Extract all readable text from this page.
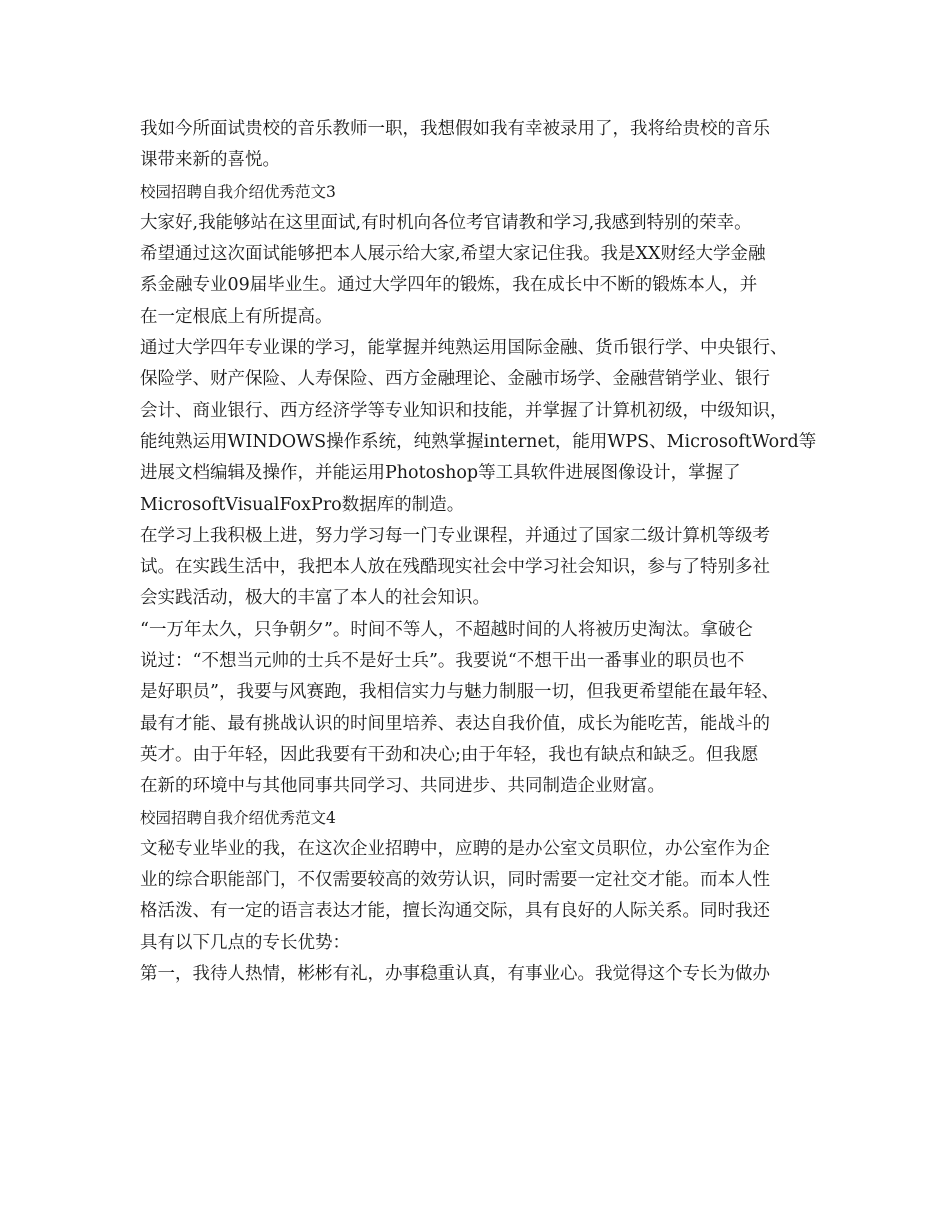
我如今所面试贵校的音乐教师一职，我想假如我有幸被录用了，我将给贵校的音乐
课带来新的喜悦。
校园招聘自我介绍优秀范文3
大家好,我能够站在这里面试,有时机向各位考官请教和学习,我感到特别的荣幸。
希望通过这次面试能够把本人展示给大家,希望大家记住我。我是XX财经大学金融
系金融专业09届毕业生。通过大学四年的锻炼，我在成长中不断的锻炼本人，并
在一定根底上有所提高。
通过大学四年专业课的学习，能掌握并纯熟运用国际金融、货币银行学、中央银行、
保险学、财产保险、人寿保险、西方金融理论、金融市场学、金融营销学业、银行
会计、商业银行、西方经济学等专业知识和技能，并掌握了计算机初级，中级知识，
能纯熟运用WINDOWS操作系统，纯熟掌握internet，能用WPS、MicrosoftWord等
进展文档编辑及操作，并能运用Photoshop等工具软件进展图像设计，掌握了
MicrosoftVisualFoxPro数据库的制造。
在学习上我积极上进，努力学习每一门专业课程，并通过了国家二级计算机等级考
试。在实践生活中，我把本人放在残酷现实社会中学习社会知识，参与了特别多社
会实践活动，极大的丰富了本人的社会知识。
“一万年太久，只争朝夕”。时间不等人，不超越时间的人将被历史淘汰。拿破仑
说过：“不想当元帅的士兵不是好士兵”。我要说“不想干出一番事业的职员也不
是好职员”，我要与风赛跑，我相信实力与魅力制服一切，但我更希望能在最年轻、
最有才能、最有挑战认识的时间里培养、表达自我价值，成长为能吃苦，能战斗的
英才。由于年轻，因此我要有干劲和决心;由于年轻，我也有缺点和缺乏。但我愿
在新的环境中与其他同事共同学习、共同进步、共同制造企业财富。
校园招聘自我介绍优秀范文4
文秘专业毕业的我，在这次企业招聘中，应聘的是办公室文员职位，办公室作为企
业的综合职能部门，不仅需要较高的效劳认识，同时需要一定社交才能。而本人性
格活泼、有一定的语言表达才能，擅长沟通交际，具有良好的人际关系。同时我还
具有以下几点的专长优势：
第一，我待人热情，彬彬有礼，办事稳重认真，有事业心。我觉得这个专长为做办
